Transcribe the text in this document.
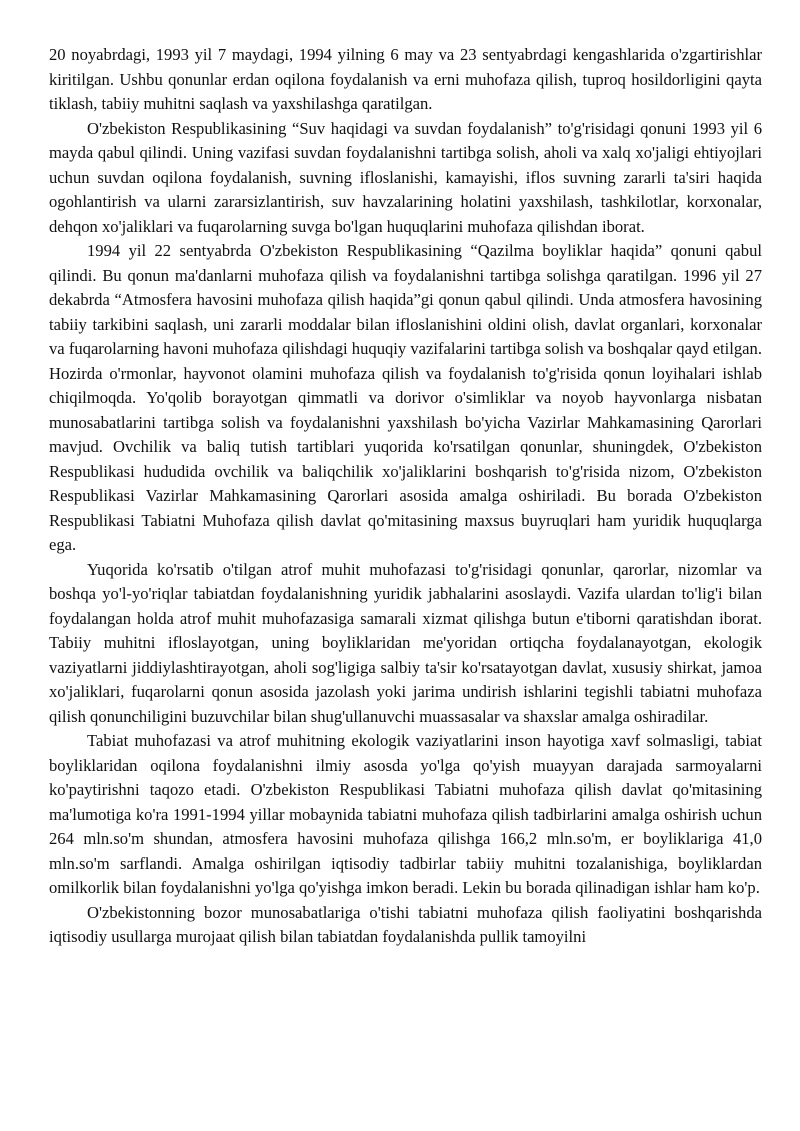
20 noyabrdagi, 1993 yil 7 maydagi, 1994 yilning 6 may va 23 sentyabrdagi kengashlarida o'zgartirishlar kiritilgan. Ushbu qonunlar erdan oqilona foydalanish va erni muhofaza qilish, tuproq hosildorligini qayta tiklash, tabiiy muhitni saqlash va yaxshilashga qaratilgan.

O'zbekiston Respublikasining “Suv haqidagi va suvdan foydalanish” to'g'risidagi qonuni 1993 yil 6 mayda qabul qilindi. Uning vazifasi suvdan foydalanishni tartibga solish, aholi va xalq xo'jaligi ehtiyojlari uchun suvdan oqilona foydalanish, suvning ifloslanishi, kamayishi, iflos suvning zararli ta'siri haqida ogohlantirish va ularni zararsizlantirish, suv havzalarining holatini yaxshilash, tashkilotlar, korxonalar, dehqon xo'jaliklari va fuqarolarning suvga bo'lgan huquqlarini muhofaza qilishdan iborat.

1994 yil 22 sentyabrda O'zbekiston Respublikasining “Qazilma boyliklar haqida” qonuni qabul qilindi. Bu qonun ma'danlarni muhofaza qilish va foydalanishni tartibga solishga qaratilgan. 1996 yil 27 dekabrda “Atmosfera havosini muhofaza qilish haqida”gi qonun qabul qilindi. Unda atmosfera havosining tabiiy tarkibini saqlash, uni zararli moddalar bilan ifloslanishini oldini olish, davlat organlari, korxonalar va fuqarolarning havoni muhofaza qilishdagi huquqiy vazifalarini tartibga solish va boshqalar qayd etilgan. Hozirda o'rmonlar, hayvonot olamini muhofaza qilish va foydalanish to'g'risida qonun loyihalari ishlab chiqilmoqda. Yo'qolib borayotgan qimmatli va dorivor o'simliklar va noyob hayvonlarga nisbatan munosabatlarini tartibga solish va foydalanishni yaxshilash bo'yicha Vazirlar Mahkamasining Qarorlari mavjud. Ovchilik va baliq tutish tartiblari yuqorida ko'rsatilgan qonunlar, shuningdek, O'zbekiston Respublikasi hududida ovchilik va baliqchilik xo'jaliklarini boshqarish to'g'risida nizom, O'zbekiston Respublikasi Vazirlar Mahkamasining Qarorlari asosida amalga oshiriladi. Bu borada O'zbekiston Respublikasi Tabiatni Muhofaza qilish davlat qo'mitasining maxsus buyruqlari ham yuridik huquqlarga ega.

Yuqorida ko'rsatib o'tilgan atrof muhit muhofazasi to'g'risidagi qonunlar, qarorlar, nizomlar va boshqa yo'l-yo'riqlar tabiatdan foydalanishning yuridik jabhalarini asoslaydi. Vazifa ulardan to'lig'i bilan foydalangan holda atrof muhit muhofazasiga samarali xizmat qilishga butun e'tiborni qaratishdan iborat. Tabiiy muhitni ifloslayotgan, uning boyliklaridan me'yoridan ortiqcha foydalanayotgan, ekologik vaziyatlarni jiddiylashtirayotgan, aholi sog'ligiga salbiy ta'sir ko'rsatayotgan davlat, xususiy shirkat, jamoa xo'jaliklari, fuqarolarni qonun asosida jazolash yoki jarima undirish ishlarini tegishli tabiatni muhofaza qilish qonunchiligini buzuvchilar bilan shug'ullanuvchi muassasalar va shaxslar amalga oshiradilar.

Tabiat muhofazasi va atrof muhitning ekologik vaziyatlarini inson hayotiga xavf solmasligi, tabiat boyliklaridan oqilona foydalanishni ilmiy asosda yo'lga qo'yish muayyan darajada sarmoyalarni ko'paytirishni taqozo etadi. O'zbekiston Respublikasi Tabiatni muhofaza qilish davlat qo'mitasining ma'lumotiga ko'ra 1991-1994 yillar mobaynida tabiatni muhofaza qilish tadbirlarini amalga oshirish uchun 264 mln.so'm shundan, atmosfera havosini muhofaza qilishga 166,2 mln.so'm, er boyliklariga 41,0 mln.so'm sarflandi. Amalga oshirilgan iqtisodiy tadbirlar tabiiy muhitni tozalanishiga, boyliklardan omilkorlik bilan foydalanishni yo'lga qo'yishga imkon beradi. Lekin bu borada qilinadigan ishlar ham ko'p.

O'zbekistonning bozor munosabatlariga o'tishi tabiatni muhofaza qilish faoliyatini boshqarishda iqtisodiy usullarga murojaat qilish bilan tabiatdan foydalanishda pullik tamoyilni
